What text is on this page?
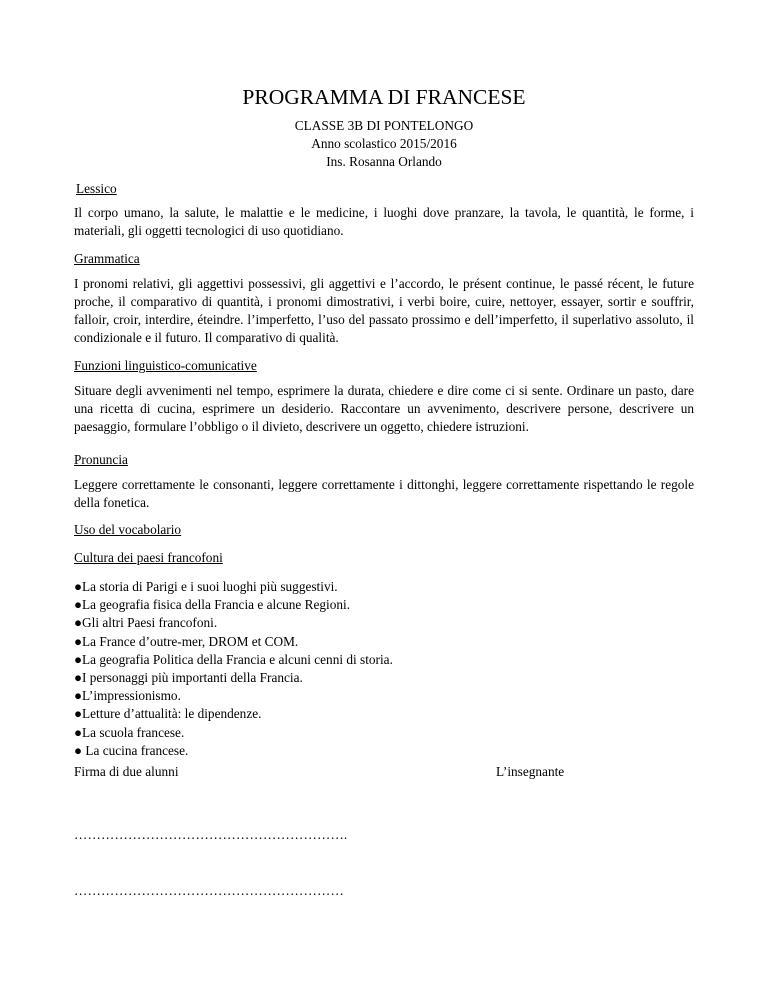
PROGRAMMA DI FRANCESE
CLASSE 3B DI PONTELONGO
Anno scolastico 2015/2016
Ins. Rosanna Orlando
Lessico
Il corpo umano, la salute, le malattie e le medicine, i luoghi dove pranzare, la tavola, le quantità, le forme, i materiali, gli oggetti tecnologici di uso quotidiano.
Grammatica
I pronomi relativi, gli aggettivi possessivi, gli aggettivi e l’accordo, le présent continue, le passé récent, le future proche, il comparativo di quantità, i pronomi dimostrativi, i verbi boire, cuire, nettoyer, essayer, sortir e souffrir, falloir, croir, interdire, éteindre. l’imperfetto, l’uso del passato prossimo e dell’imperfetto, il superlativo assoluto, il condizionale e il futuro. Il comparativo di qualità.
Funzioni linguistico-comunicative
Situare degli avvenimenti nel tempo, esprimere la durata, chiedere e dire come ci si sente. Ordinare un pasto, dare una ricetta di cucina, esprimere un desiderio. Raccontare un avvenimento, descrivere persone, descrivere un paesaggio, formulare l’obbligo o il divieto, descrivere un oggetto, chiedere istruzioni.
Pronuncia
Leggere correttamente le consonanti, leggere correttamente i dittonghi, leggere correttamente rispettando le regole della fonetica.
Uso del vocabolario
Cultura dei paesi francofoni
●La storia di Parigi e i suoi luoghi più suggestivi.
●La geografia fisica della Francia e alcune Regioni.
●Gli altri Paesi francofoni.
●La France d’outre-mer, DROM et COM.
●La geografia Politica della Francia e alcuni cenni di storia.
●I personaggi più importanti della Francia.
●L’impressionismo.
●Letture d’attualità: le dipendenze.
●La scuola francese.
● La cucina francese.
Firma di due alunni	L’insegnante
…………………………………………………….
……………………………………………………
